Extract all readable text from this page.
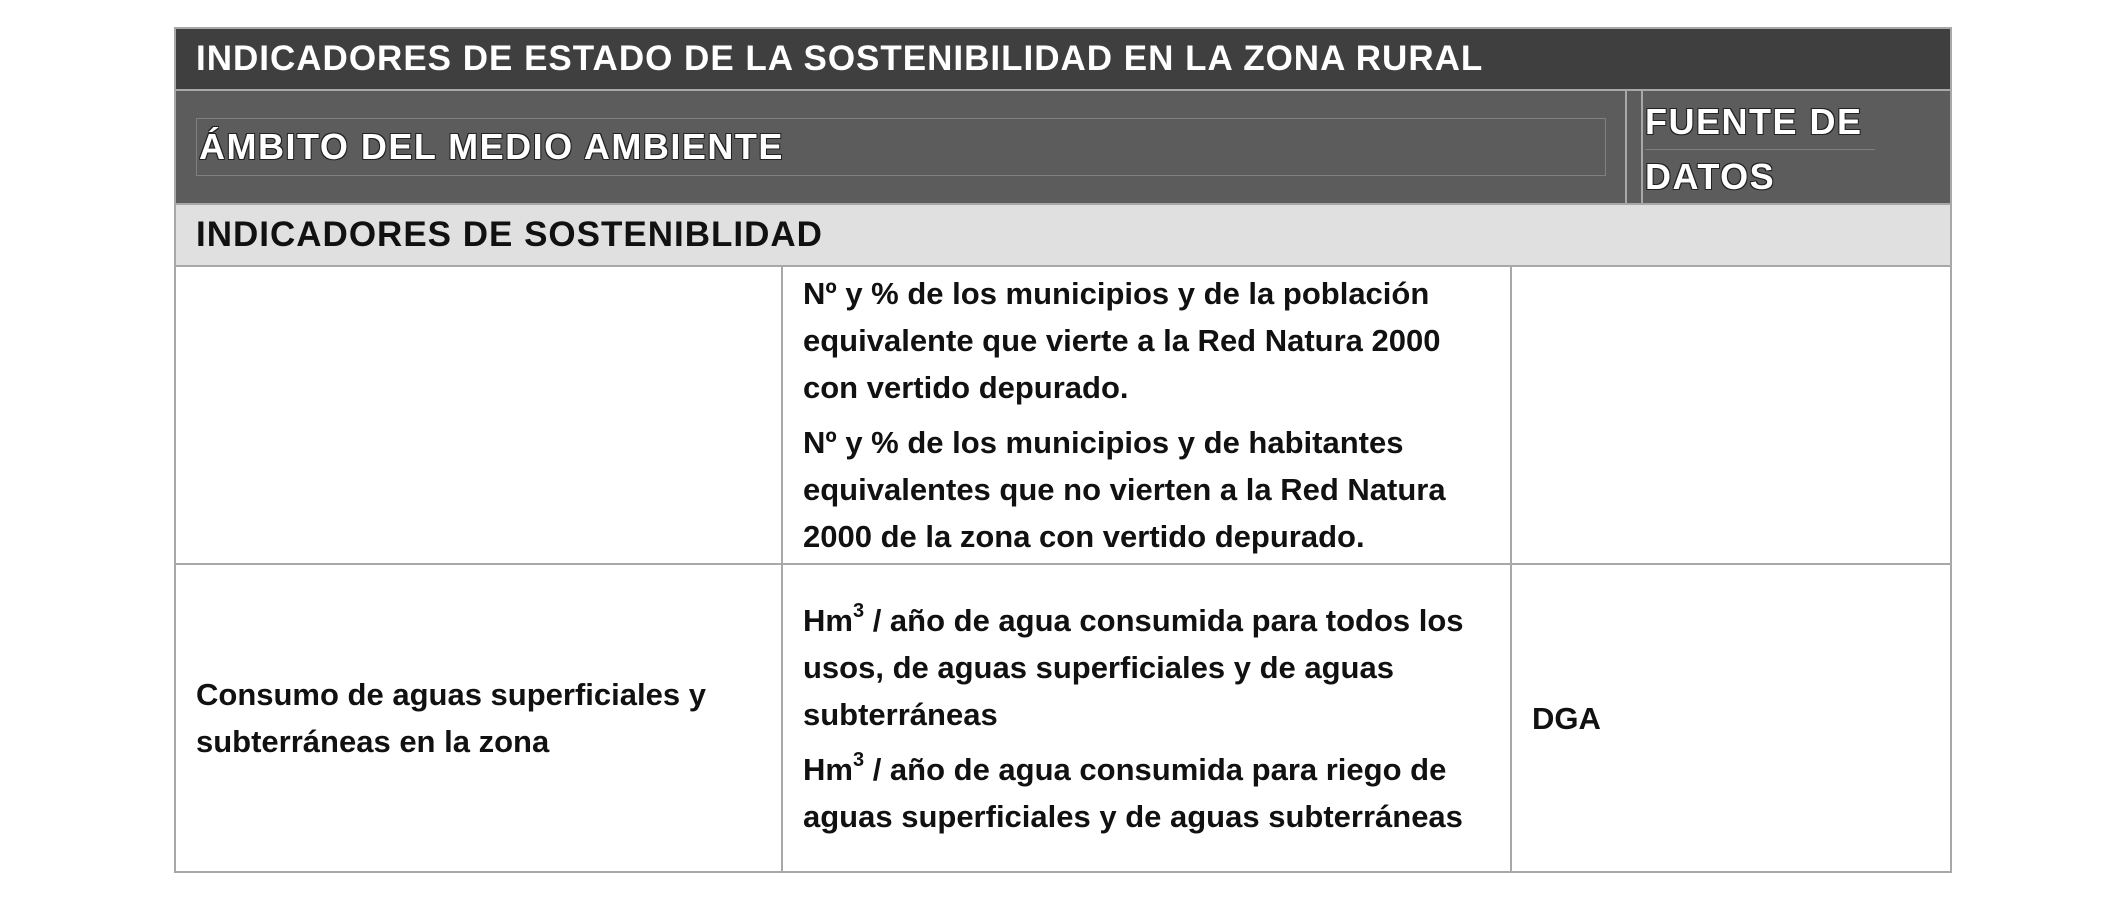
INDICADORES DE ESTADO DE LA SOSTENIBILIDAD EN LA ZONA RURAL
ÁMBITO DEL MEDIO AMBIENTE
FUENTE DE
DATOS
INDICADORES DE SOSTENIBLIDAD
Nº y % de los municipios y de la población equivalente que vierte a la Red Natura 2000 con vertido depurado.
Nº y % de los municipios y de habitantes equivalentes que no vierten a la Red Natura 2000 de la zona con vertido depurado.
Consumo de aguas superficiales y subterráneas en la zona
Hm$^3$ / año de agua consumida para todos los usos, de aguas superficiales y de aguas subterráneas
Hm$^3$ / año de agua consumida para riego de aguas superficiales y de aguas subterráneas
DGA
